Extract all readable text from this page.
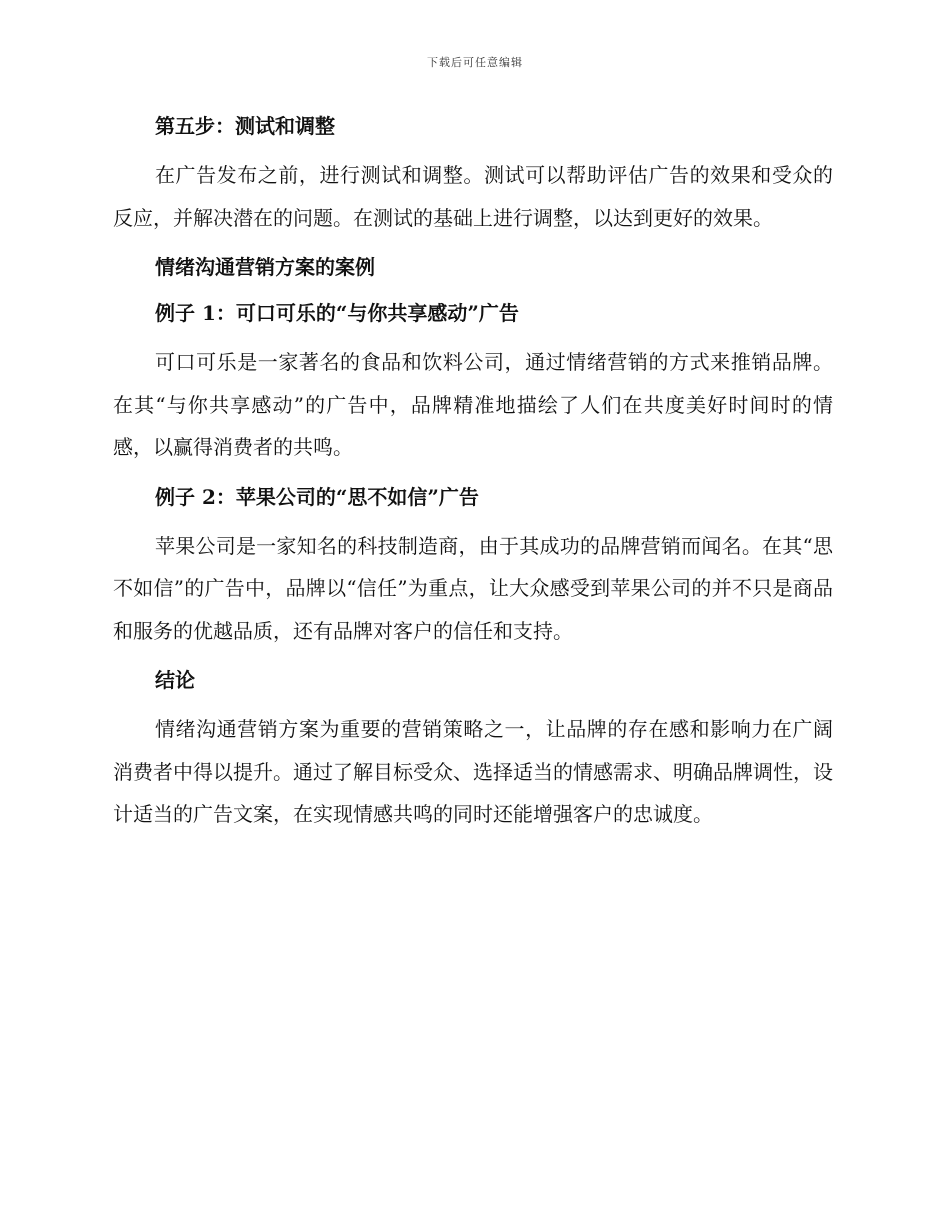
下载后可任意编辑
第五步：测试和调整

在广告发布之前，进行测试和调整。测试可以帮助评估广告的效果和受众的反应，并解决潜在的问题。在测试的基础上进行调整，以达到更好的效果。

情绪沟通营销方案的案例
例子 1：可口可乐的“与你共享感动”广告

可口可乐是一家著名的食品和饮料公司，通过情绪营销的方式来推销品牌。在其“与你共享感动”的广告中，品牌精准地描绘了人们在共度美好时间时的情感，以赢得消费者的共鸣。

例子 2：苹果公司的“思不如信”广告

苹果公司是一家知名的科技制造商，由于其成功的品牌营销而闻名。在其“思不如信”的广告中，品牌以“信任”为重点，让大众感受到苹果公司的并不只是商品和服务的优越品质，还有品牌对客户的信任和支持。

结论

情绪沟通营销方案为重要的营销策略之一，让品牌的存在感和影响力在广阔消费者中得以提升。通过了解目标受众、选择适当的情感需求、明确品牌调性，设计适当的广告文案，在实现情感共鸣的同时还能增强客户的忠诚度。
